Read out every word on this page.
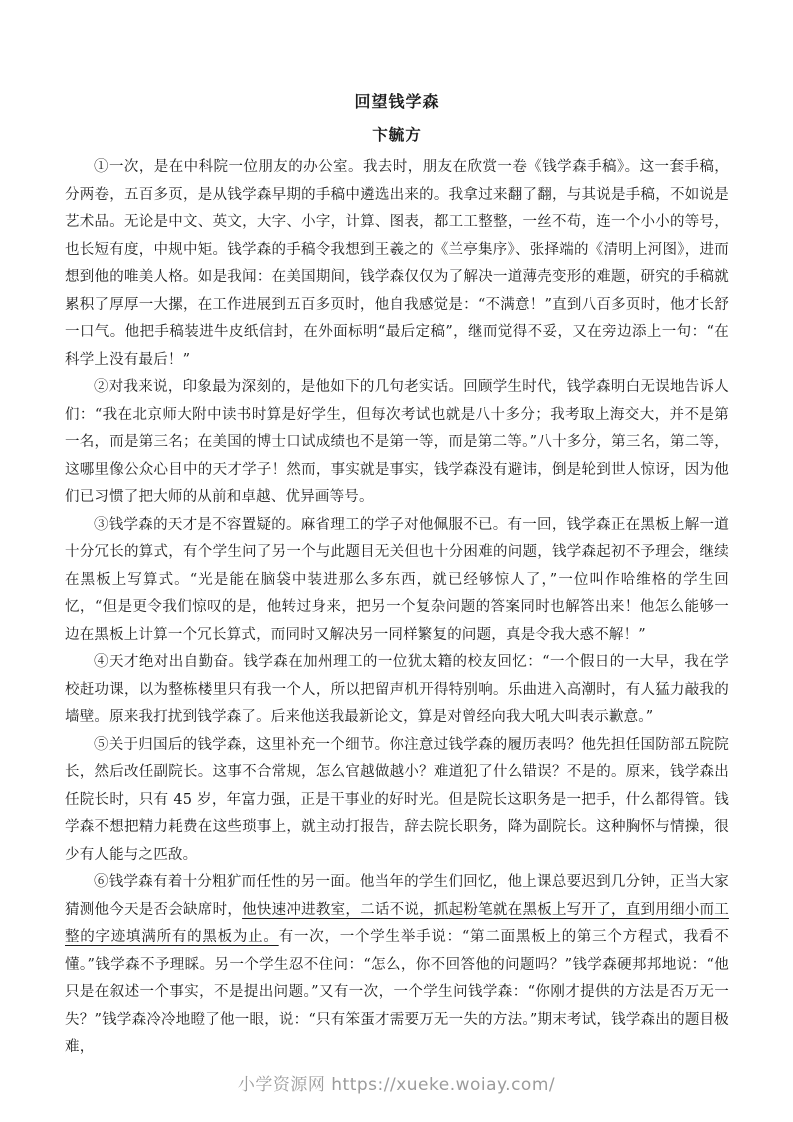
回望钱学森
卞毓方

①一次，是在中科院一位朋友的办公室。我去时，朋友在欣赏一卷《钱学森手稿》。这一套手稿，分两卷，五百多页，是从钱学森早期的手稿中遴选出来的。我拿过来翻了翻，与其说是手稿，不如说是艺术品。无论是中文、英文，大字、小字，计算、图表，都工工整整，一丝不苟，连一个小小的等号，也长短有度，中规中矩。钱学森的手稿令我想到王羲之的《兰亭集序》、张择端的《清明上河图》，进而想到他的唯美人格。如是我闻：在美国期间，钱学森仅仅为了解决一道薄壳变形的难题，研究的手稿就累积了厚厚一大摞，在工作进展到五百多页时，他自我感觉是：“不满意！”直到八百多页时，他才长舒一口气。他把手稿装进牛皮纸信封，在外面标明“最后定稿”，继而觉得不妥，又在旁边添上一句：“在科学上没有最后！”

②对我来说，印象最为深刻的，是他如下的几句老实话。回顾学生时代，钱学森明白无误地告诉人们：“我在北京师大附中读书时算是好学生，但每次考试也就是八十多分；我考取上海交大，并不是第一名，而是第三名；在美国的博士口试成绩也不是第一等，而是第二等。”八十多分，第三名，第二等，这哪里像公众心目中的天才学子！然而，事实就是事实，钱学森没有避讳，倒是轮到世人惊讶，因为他们已习惯了把大师的从前和卓越、优异画等号。

③钱学森的天才是不容置疑的。麻省理工的学子对他佩服不已。有一回，钱学森正在黑板上解一道十分冗长的算式，有个学生问了另一个与此题目无关但也十分困难的问题，钱学森起初不予理会，继续在黑板上写算式。“光是能在脑袋中装进那么多东西，就已经够惊人了，”一位叫作哈维格的学生回忆，“但是更令我们惊叹的是，他转过身来，把另一个复杂问题的答案同时也解答出来！他怎么能够一边在黑板上计算一个冗长算式，而同时又解决另一同样繁复的问题，真是令我大惑不解！”

④天才绝对出自勤奋。钱学森在加州理工的一位犹太籍的校友回忆：“一个假日的一大早，我在学校赶功课，以为整栋楼里只有我一个人，所以把留声机开得特别响。乐曲进入高潮时，有人猛力敲我的墙壁。原来我打扰到钱学森了。后来他送我最新论文，算是对曾经向我大吼大叫表示歉意。”

⑤关于归国后的钱学森，这里补充一个细节。你注意过钱学森的履历表吗？他先担任国防部五院院长，然后改任副院长。这事不合常规，怎么官越做越小？难道犯了什么错误？不是的。原来，钱学森出任院长时，只有 45 岁，年富力强，正是干事业的好时光。但是院长这职务是一把手，什么都得管。钱学森不想把精力耗费在这些琐事上，就主动打报告，辞去院长职务，降为副院长。这种胸怀与情操，很少有人能与之匹敌。

⑥钱学森有着十分粗犷而任性的另一面。他当年的学生们回忆，他上课总要迟到几分钟，正当大家猜测他今天是否会缺席时，他快速冲进教室，二话不说，抓起粉笔就在黑板上写开了，直到用细小而工整的字迹填满所有的黑板为止。有一次，一个学生举手说：“第二面黑板上的第三个方程式，我看不懂。”钱学森不予理睬。另一个学生忍不住问：“怎么，你不回答他的问题吗？”钱学森硬邦邦地说：“他只是在叙述一个事实，不是提出问题。”又有一次，一个学生问钱学森：“你刚才提供的方法是否万无一失？”钱学森冷冷地瞪了他一眼，说：“只有笨蛋才需要万无一失的方法。”期末考试，钱学森出的题目极难，

小学资源网 https://xueke.woiay.com/
